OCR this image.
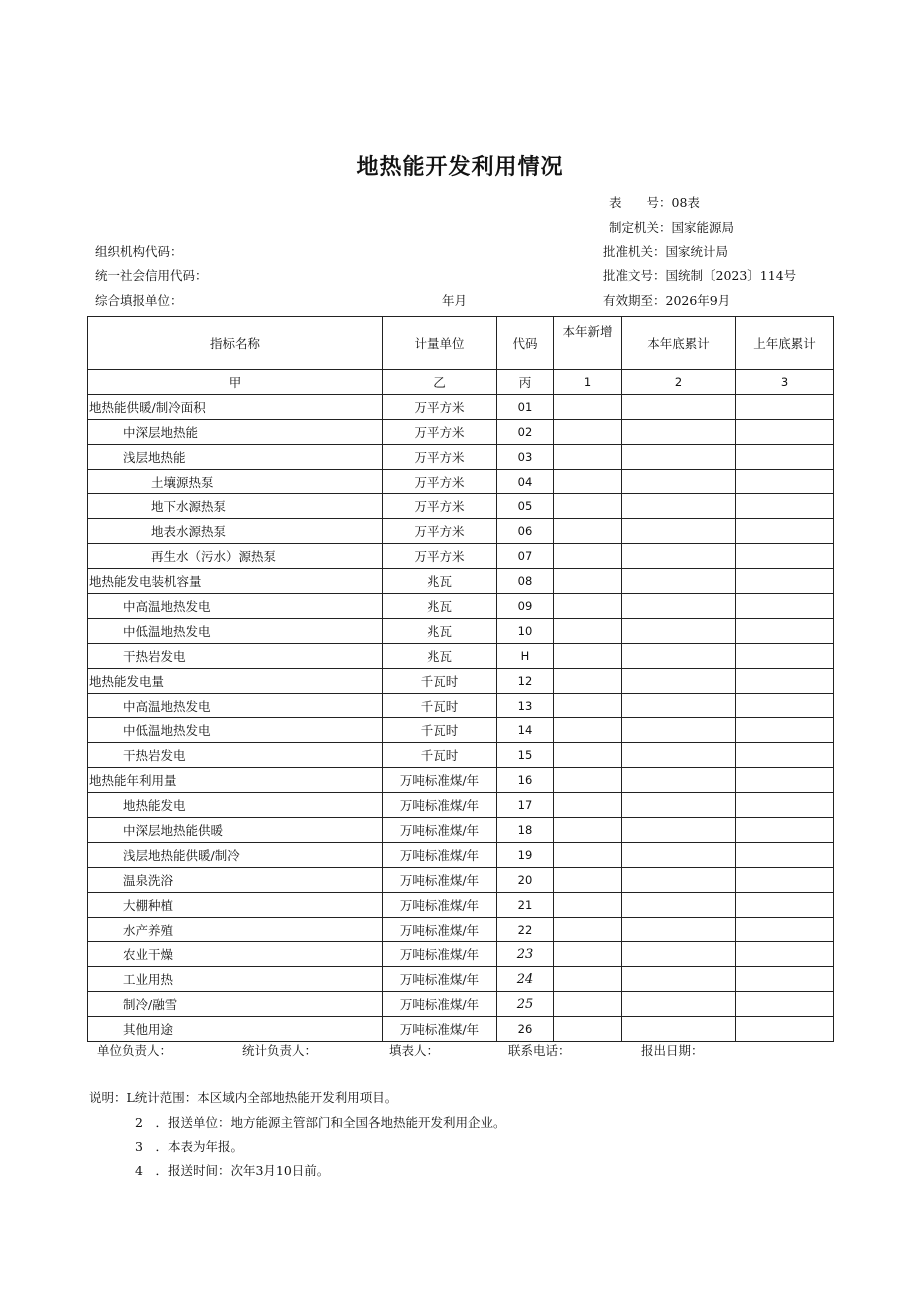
地热能开发利用情况
表　　号：08表
制定机关：国家能源局
组织机构代码：	批准机关：国家统计局
统一社会信用代码：	批准文号：国统制〔2023〕114号
综合填报单位：	年月	有效期至：2026年9月
指标名称	计量单位	代码	本年新增	本年底累计	上年底累计
甲	乙	丙	1	2	3
地热能供暖/制冷面积	万平方米	01			
中深层地热能	万平方米	02			
浅层地热能	万平方米	03			
土壤源热泵	万平方米	04			
地下水源热泵	万平方米	05			
地表水源热泵	万平方米	06			
再生水（污水）源热泵	万平方米	07			
地热能发电装机容量	兆瓦	08			
中高温地热发电	兆瓦	09			
中低温地热发电	兆瓦	10			
干热岩发电	兆瓦	H			
地热能发电量	千瓦时	12			
中高温地热发电	千瓦时	13			
中低温地热发电	千瓦时	14			
干热岩发电	千瓦时	15			
地热能年利用量	万吨标准煤/年	16			
地热能发电	万吨标准煤/年	17			
中深层地热能供暖	万吨标准煤/年	18			
浅层地热能供暖/制冷	万吨标准煤/年	19			
温泉洗浴	万吨标准煤/年	20			
大棚种植	万吨标准煤/年	21			
水产养殖	万吨标准煤/年	22			
农业干燥	万吨标准煤/年	23			
工业用热	万吨标准煤/年	24			
制冷/融雪	万吨标准煤/年	25			
其他用途	万吨标准煤/年	26			
单位负责人：	统计负责人：	填表人：	联系电话：	报出日期：
说明：L统计范围：本区域内全部地热能开发利用项目。
2　．报送单位：地方能源主管部门和全国各地热能开发利用企业。
3　．本表为年报。
4　．报送时间：次年3月10日前。
